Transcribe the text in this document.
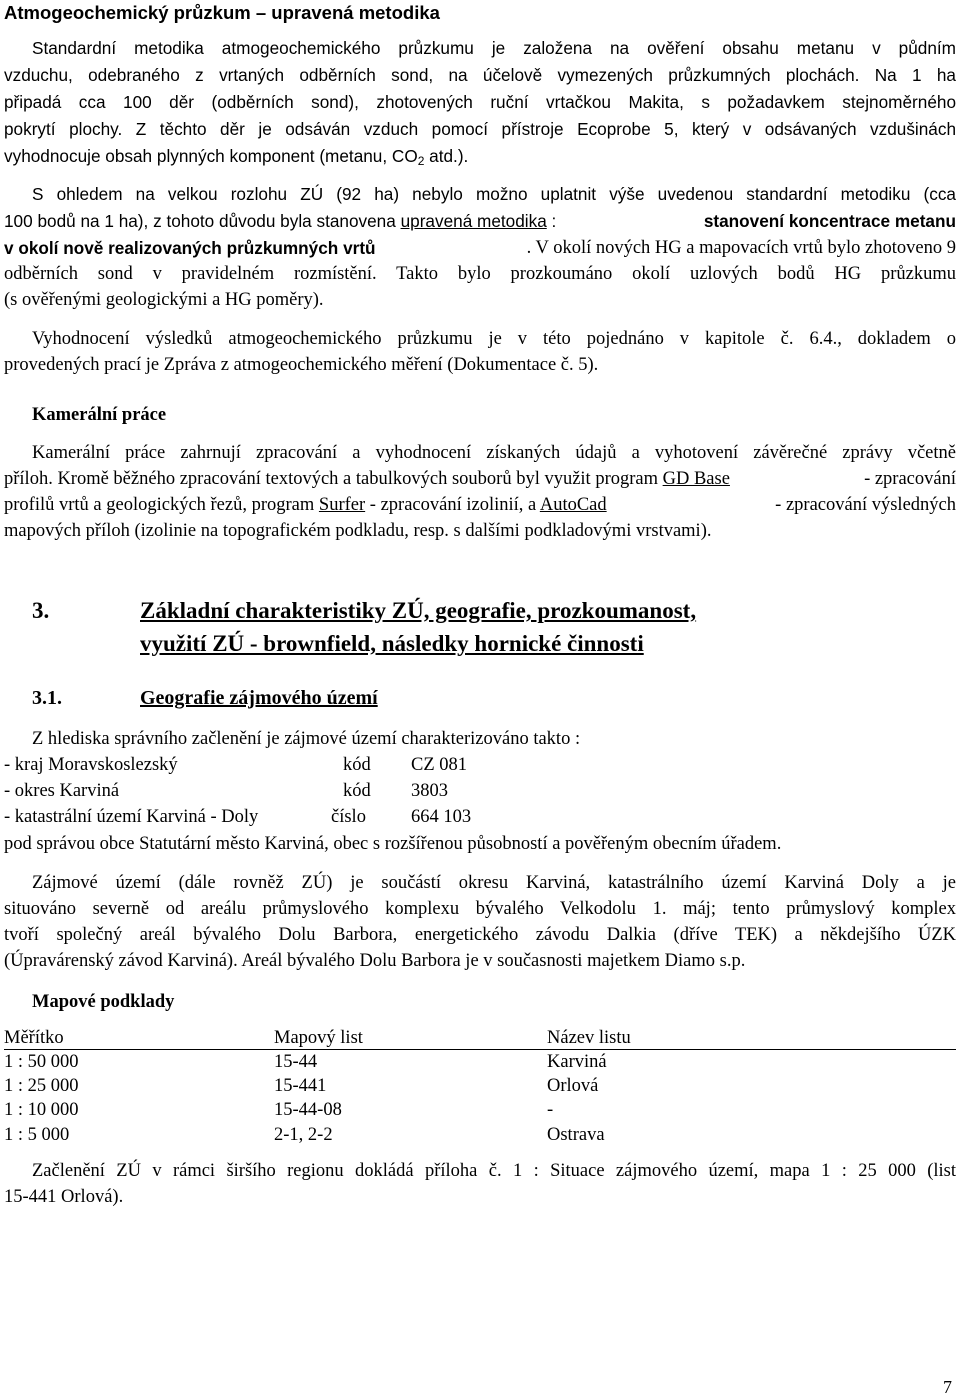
Atmogeochemický průzkum – upravená metodika
Standardní metodika atmogeochemického průzkumu je založena na ověření obsahu metanu v půdním
vzduchu, odebraného z vrtaných odběrních sond, na účelově vymezených průzkumných plochách. Na 1 ha
připadá cca 100 děr (odběrních sond), zhotovených ruční vrtačkou Makita, s požadavkem stejnoměrného
pokrytí plochy. Z těchto děr je odsáván vzduch pomocí přístroje Ecoprobe 5, který v odsávaných vzdušinách
vyhodnocuje obsah plynných komponent (metanu, $CO_2$ atd.).
S ohledem na velkou rozlohu ZÚ (92 ha) nebylo možno uplatnit výše uvedenou standardní metodiku (cca
100 bodů na 1 ha), z tohoto důvodu byla stanovena upravená metodika :	stanovení koncentrace metanu
v okolí nově realizovaných průzkumných vrtů	. V okolí nových HG a mapovacích vrtů bylo zhotoveno 9
odběrních sond v pravidelném rozmístění. Takto bylo prozkoumáno okolí uzlových bodů HG průzkumu
(s ověřenými geologickými a HG poměry).
Vyhodnocení výsledků atmogeochemického průzkumu je v této pojednáno v kapitole č. 6.4., dokladem o
provedených prací je Zpráva z atmogeochemického měření (Dokumentace č. 5).
Kamerální práce
Kamerální práce zahrnují zpracování a vyhodnocení získaných údajů a vyhotovení závěrečné zprávy včetně
příloh. Kromě běžného zpracování textových a tabulkových souborů byl využit program GD Base	- zpracování
profilů vrtů a geologických řezů, program Surfer - zpracování izolinií, a AutoCad	- zpracování výsledných
mapových příloh (izolinie na topografickém podkladu, resp. s dalšími podkladovými vrstvami).
3.	Základní charakteristiky ZÚ, geografie, prozkoumanost,
využití ZÚ - brownfield, následky hornické činnosti
3.1.	Geografie zájmového území
Z hlediska správního začlenění je zájmové území charakterizováno takto :
- kraj Moravskoslezský	kód CZ 081
- okres Karviná	kód 3803
- katastrální území Karviná - Doly	číslo 664 103
pod správou obce Statutární město Karviná, obec s rozšířenou působností a pověřeným obecním úřadem.
Zájmové území (dále rovněž ZÚ) je součástí okresu Karviná, katastrálního území Karviná Doly a je
situováno severně od areálu průmyslového komplexu bývalého Velkodolu 1. máj; tento průmyslový komplex
tvoří společný areál bývalého Dolu Barbora, energetického závodu Dalkia (dříve TEK) a někdejšího ÚZK
(Úpravárenský závod Karviná). Areál bývalého Dolu Barbora je v současnosti majetkem Diamo s.p.
Mapové podklady
Měřítko	Mapový list	Název listu
1 : 50 000	15-44	Karviná
1 : 25 000	15-441	Orlová
1 : 10 000	15-44-08	-
1 : 5 000	2-1, 2-2	Ostrava
Začlenění ZÚ v rámci širšího regionu dokládá příloha č. 1 : Situace zájmového území, mapa 1 : 25 000 (list
15-441 Orlová).
7
